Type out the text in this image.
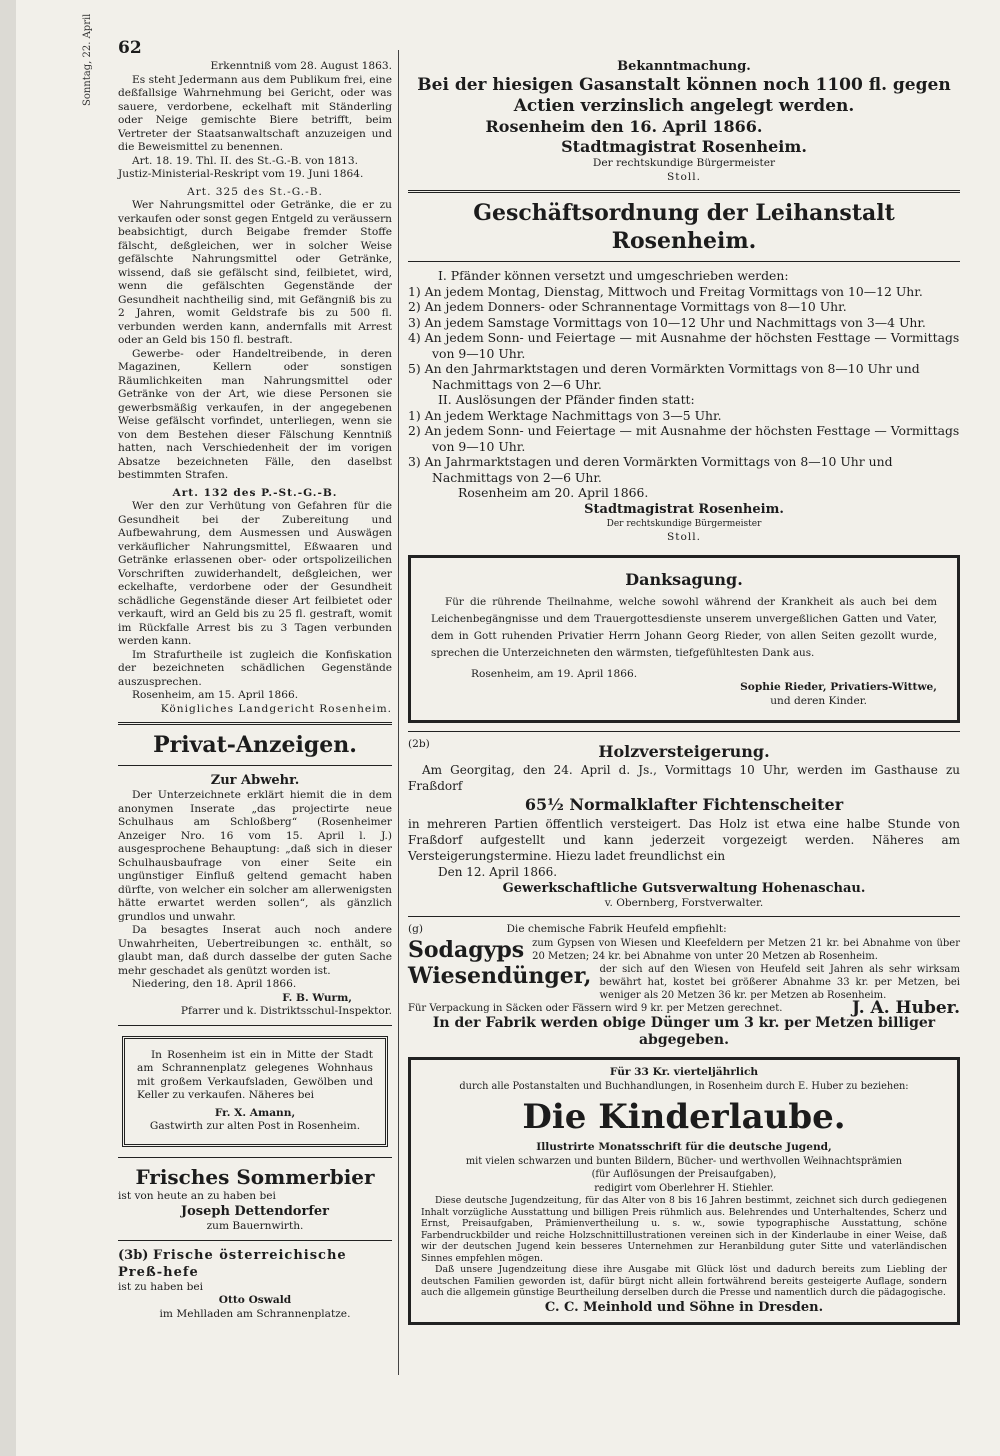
Sonntag, 22. April	62

Erkenntniß vom 28. August 1863.

Es steht Jedermann aus dem Publikum frei, eine deßfallsige Wahrnehmung bei Gericht, oder was sauere, verdorbene, eckelhaft mit Ständerling oder Neige gemischte Biere betrifft, beim Vertreter der Staatsanwaltschaft anzuzeigen und die Beweismittel zu benennen.

Art. 18. 19. Thl. II. des St.-G.-B. von 1813.

Justiz-Ministerial-Reskript vom 19. Juni 1864.

Art. 325 des St.-G.-B.

Wer Nahrungsmittel oder Getränke, die er zu verkaufen oder sonst gegen Entgeld zu veräussern beabsichtigt, durch Beigabe fremder Stoffe fälscht, deßgleichen, wer in solcher Weise gefälschte Nahrungsmittel oder Getränke, wissend, daß sie gefälscht sind, feilbietet, wird, wenn die gefälschten Gegenstände der Gesundheit nachtheilig sind, mit Gefängniß bis zu 2 Jahren, womit Geldstrafe bis zu 500 fl. verbunden werden kann, andernfalls mit Arrest oder an Geld bis 150 fl. bestraft.

Gewerbe- oder Handeltreibende, in deren Magazinen, Kellern oder sonstigen Räumlichkeiten man Nahrungsmittel oder Getränke von der Art, wie diese Personen sie gewerbsmäßig verkaufen, in der angegebenen Weise gefälscht vorfindet, unterliegen, wenn sie von dem Bestehen dieser Fälschung Kenntniß hatten, nach Verschiedenheit der im vorigen Absatze bezeichneten Fälle, den daselbst bestimmten Strafen.

Art. 132 des P.-St.-G.-B.

Wer den zur Verhütung von Gefahren für die Gesundheit bei der Zubereitung und Aufbewahrung, dem Ausmessen und Auswägen verkäuflicher Nahrungsmittel, Eßwaaren und Getränke erlassenen ober- oder ortspolizeilichen Vorschriften zuwiderhandelt, deßgleichen, wer eckelhafte, verdorbene oder der Gesundheit schädliche Gegenstände dieser Art feilbietet oder verkauft, wird an Geld bis zu 25 fl. gestraft, womit im Rückfalle Arrest bis zu 3 Tagen verbunden werden kann.

Im Strafurtheile ist zugleich die Konfiskation der bezeichneten schädlichen Gegenstände auszusprechen.

Rosenheim, am 15. April 1866.

Königliches Landgericht Rosenheim.

Privat-Anzeigen.

Zur Abwehr.

Der Unterzeichnete erklärt hiemit die in dem anonymen Inserate „das projectirte neue Schulhaus am Schloßberg“ (Rosenheimer Anzeiger Nro. 16 vom 15. April l. J.) ausgesprochene Behauptung: „daß sich in dieser Schulhausbaufrage von einer Seite ein ungünstiger Einfluß geltend gemacht haben dürfte, von welcher ein solcher am allerwenigsten hätte erwartet werden sollen“, als gänzlich grundlos und unwahr.

Da besagtes Inserat auch noch andere Unwahrheiten, Uebertreibungen ꝛc. enthält, so glaubt man, daß durch dasselbe der guten Sache mehr geschadet als genützt worden ist.

Niedering, den 18. April 1866.

F. B. Wurm,

Pfarrer und k. Distriktsschul-Inspektor.

In Rosenheim ist ein in Mitte der Stadt am Schrannenplatz gelegenes Wohnhaus mit großem Verkaufsladen, Gewölben und Keller zu verkaufen. Näheres bei

Fr. X. Amann,

Gastwirth zur alten Post in Rosenheim.

Frisches Sommerbier

ist von heute an zu haben bei

Joseph Dettendorfer

zum Bauernwirth.

(3b) Frische österreichische Preß-hefe

ist zu haben bei

Otto Oswald

im Mehlladen am Schrannenplatze.

Bekanntmachung.

Bei der hiesigen Gasanstalt können noch 1100 fl. gegen Actien verzinslich angelegt werden.

Rosenheim den 16. April 1866.

Stadtmagistrat Rosenheim.

Der rechtskundige Bürgermeister

Stoll.

Geschäftsordnung der Leihanstalt Rosenheim.

I. Pfänder können versetzt und umgeschrieben werden:

1) An jedem Montag, Dienstag, Mittwoch und Freitag Vormittags von 10—12 Uhr.

2) An jedem Donners- oder Schrannentage Vormittags von 8—10 Uhr.

3) An jedem Samstage Vormittags von 10—12 Uhr und Nachmittags von 3—4 Uhr.

4) An jedem Sonn- und Feiertage — mit Ausnahme der höchsten Festtage — Vormittags von 9—10 Uhr.

5) An den Jahrmarktstagen und deren Vormärkten Vormittags von 8—10 Uhr und Nachmittags von 2—6 Uhr.

II. Auslösungen der Pfänder finden statt:

1) An jedem Werktage Nachmittags von 3—5 Uhr.

2) An jedem Sonn- und Feiertage — mit Ausnahme der höchsten Festtage — Vormittags von 9—10 Uhr.

3) An Jahrmarktstagen und deren Vormärkten Vormittags von 8—10 Uhr und Nachmittags von 2—6 Uhr.

Rosenheim am 20. April 1866.

Stadtmagistrat Rosenheim.

Der rechtskundige Bürgermeister

Stoll.

Danksagung.

Für die rührende Theilnahme, welche sowohl während der Krankheit als auch bei dem Leichenbegängnisse und dem Trauergottesdienste unserem unvergeßlichen Gatten und Vater, dem in Gott ruhenden Privatier Herrn Johann Georg Rieder, von allen Seiten gezollt wurde, sprechen die Unterzeichneten den wärmsten, tiefgefühltesten Dank aus.

Rosenheim, am 19. April 1866.

Sophie Rieder, Privatiers-Wittwe,

und deren Kinder.

(2b)	Holzversteigerung.

Am Georgitag, den 24. April d. Js., Vormittags 10 Uhr, werden im Gasthause zu Fraßdorf

65½ Normalklafter Fichtenscheiter

in mehreren Partien öffentlich versteigert. Das Holz ist etwa eine halbe Stunde von Fraßdorf aufgestellt und kann jederzeit vorgezeigt werden. Näheres am Versteigerungstermine. Hiezu ladet freundlichst ein

Den 12. April 1866.

Gewerkschaftliche Gutsverwaltung Hohenaschau.

v. Obernberg, Forstverwalter.

(g)	Die chemische Fabrik Heufeld empfiehlt:

Sodagyps zum Gypsen von Wiesen und Kleefeldern per Metzen 21 kr. bei Abnahme von über 20 Metzen; 24 kr. bei Abnahme von unter 20 Metzen ab Rosenheim.

Wiesendünger, der sich auf den Wiesen von Heufeld seit Jahren als sehr wirksam bewährt hat, kostet bei größerer Abnahme 33 kr. per Metzen, bei weniger als 20 Metzen 36 kr. per Metzen ab Rosenheim.

Für Verpackung in Säcken oder Fässern wird 9 kr. per Metzen gerechnet.	J. A. Huber.

In der Fabrik werden obige Dünger um 3 kr. per Metzen billiger abgegeben.

Für 33 Kr. vierteljährlich

durch alle Postanstalten und Buchhandlungen, in Rosenheim durch E. Huber zu beziehen:

Die Kinderlaube.

Illustrirte Monatsschrift für die deutsche Jugend,

mit vielen schwarzen und bunten Bildern, Bücher- und werthvollen Weihnachtsprämien

(für Auflösungen der Preisaufgaben),

redigirt vom Oberlehrer H. Stiehler.

Diese deutsche Jugendzeitung, für das Alter von 8 bis 16 Jahren bestimmt, zeichnet sich durch gediegenen Inhalt vorzügliche Ausstattung und billigen Preis rühmlich aus. Belehrendes und Unterhaltendes, Scherz und Ernst, Preisaufgaben, Prämienvertheilung u. s. w., sowie typographische Ausstattung, schöne Farbendruckbilder und reiche Holzschnittillustrationen vereinen sich in der Kinderlaube in einer Weise, daß wir der deutschen Jugend kein besseres Unternehmen zur Heranbildung guter Sitte und vaterländischen Sinnes empfehlen mögen.

Daß unsere Jugendzeitung diese ihre Ausgabe mit Glück löst und dadurch bereits zum Liebling der deutschen Familien geworden ist, dafür bürgt nicht allein fortwährend bereits gesteigerte Auflage, sondern auch die allgemein günstige Beurtheilung derselben durch die Presse und namentlich durch die pädagogische.

C. C. Meinhold und Söhne in Dresden.
